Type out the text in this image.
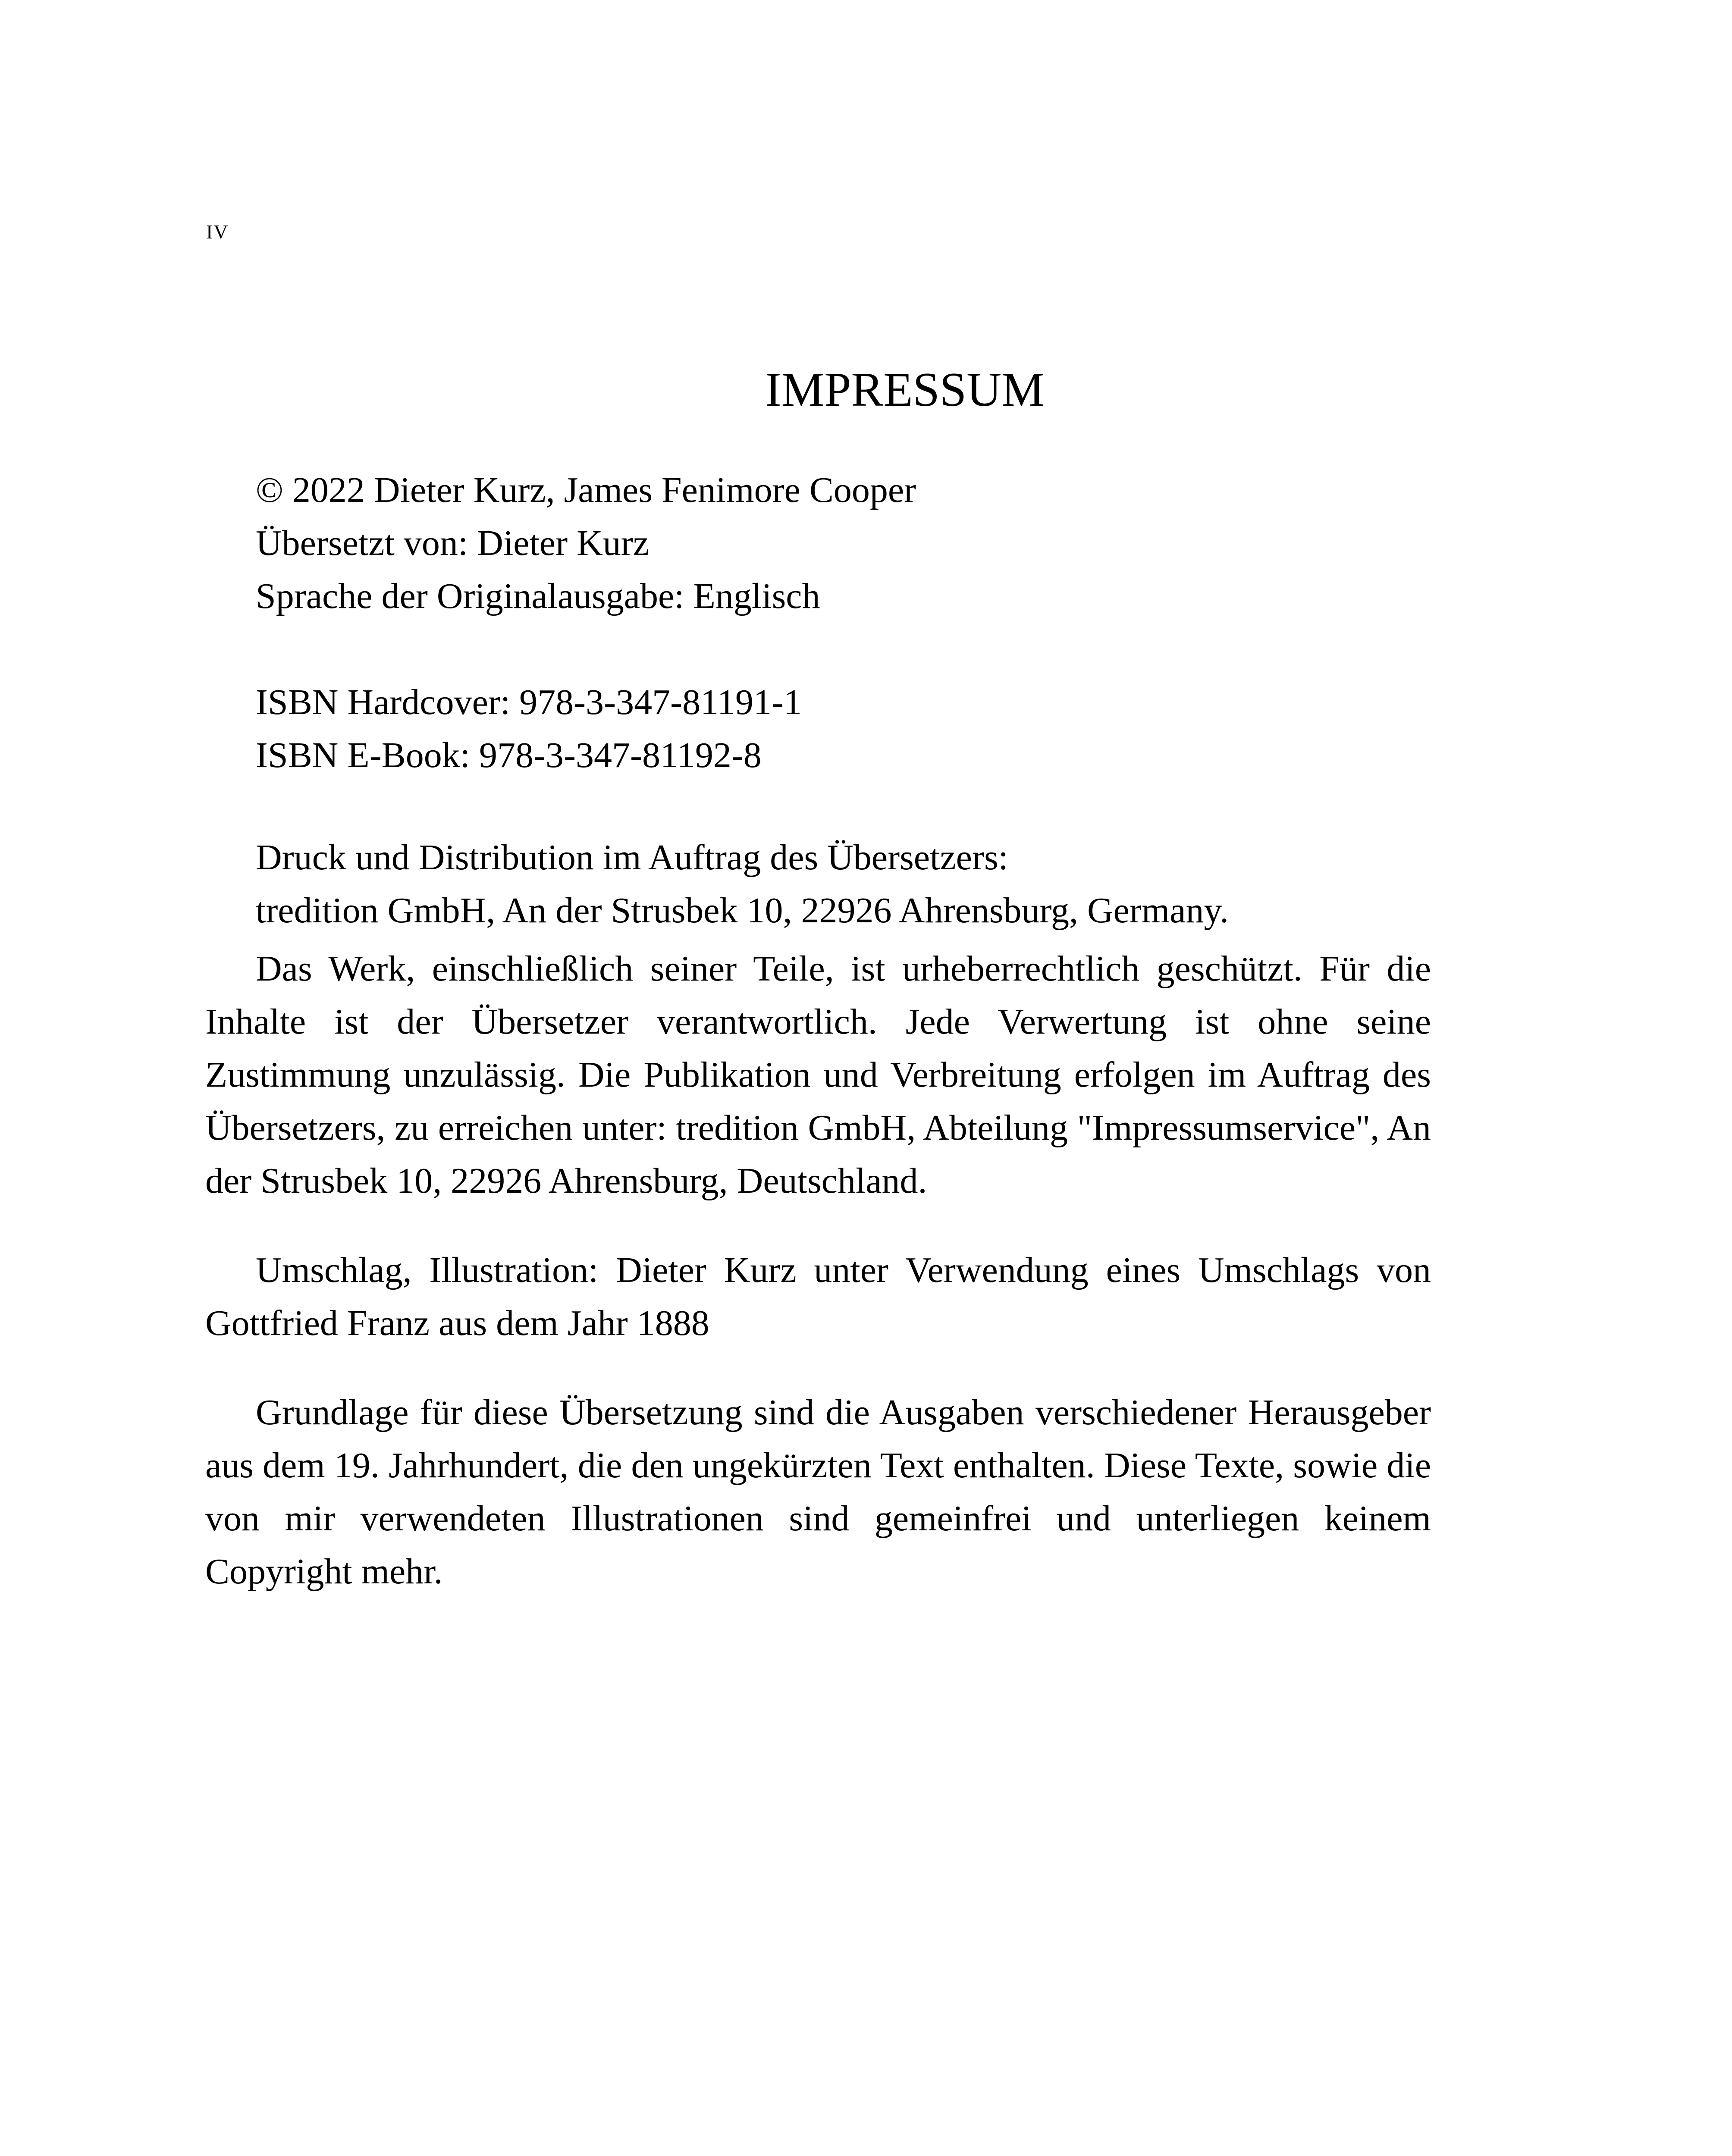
IV
IMPRESSUM
© 2022 Dieter Kurz, James Fenimore Cooper
Übersetzt von: Dieter Kurz
Sprache der Originalausgabe: Englisch
ISBN Hardcover: 978-3-347-81191-1
ISBN E-Book: 978-3-347-81192-8
Druck und Distribution im Auftrag des Übersetzers:
tredition GmbH, An der Strusbek 10, 22926 Ahrensburg, Germany.

Das Werk, einschließlich seiner Teile, ist urheberrechtlich geschützt. Für die Inhalte ist der Übersetzer verantwortlich. Jede Verwertung ist ohne seine Zustimmung unzulässig. Die Publikation und Verbreitung erfolgen im Auftrag des Übersetzers, zu erreichen unter: tredition GmbH, Abteilung "Impressumservice", An der Strusbek 10, 22926 Ahrensburg, Deutschland.

Umschlag, Illustration: Dieter Kurz unter Verwendung eines Umschlags von Gottfried Franz aus dem Jahr 1888

Grundlage für diese Übersetzung sind die Ausgaben verschiedener Herausgeber aus dem 19. Jahrhundert, die den ungekürzten Text enthalten. Diese Texte, sowie die von mir verwendeten Illustrationen sind gemeinfrei und unterliegen keinem Copyright mehr.
